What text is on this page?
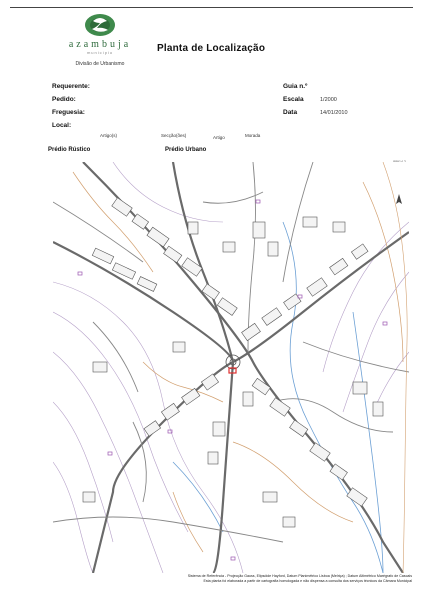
azambuja
município
Divisão de Urbanismo
Planta de Localização
Requerente:
Pedido:
Freguesia:
Local:
Guia n.º
Escala	1/2000
Data	14/01/2010
Artigo(s)	Secção(ões)	Artigo	Morada
Prédio Rústico	Prédio Urbano
Sistema de Referência - Projecção Gauss, Elipsóide Hayford, Datum Planimétrico Lisboa (Melriça) ; Datum Altimétrico Marégrafo de Cascais
Esta planta foi elaborada a partir de cartografia homologada e não dispensa a consulta dos serviços técnicos da Câmara Municipal
